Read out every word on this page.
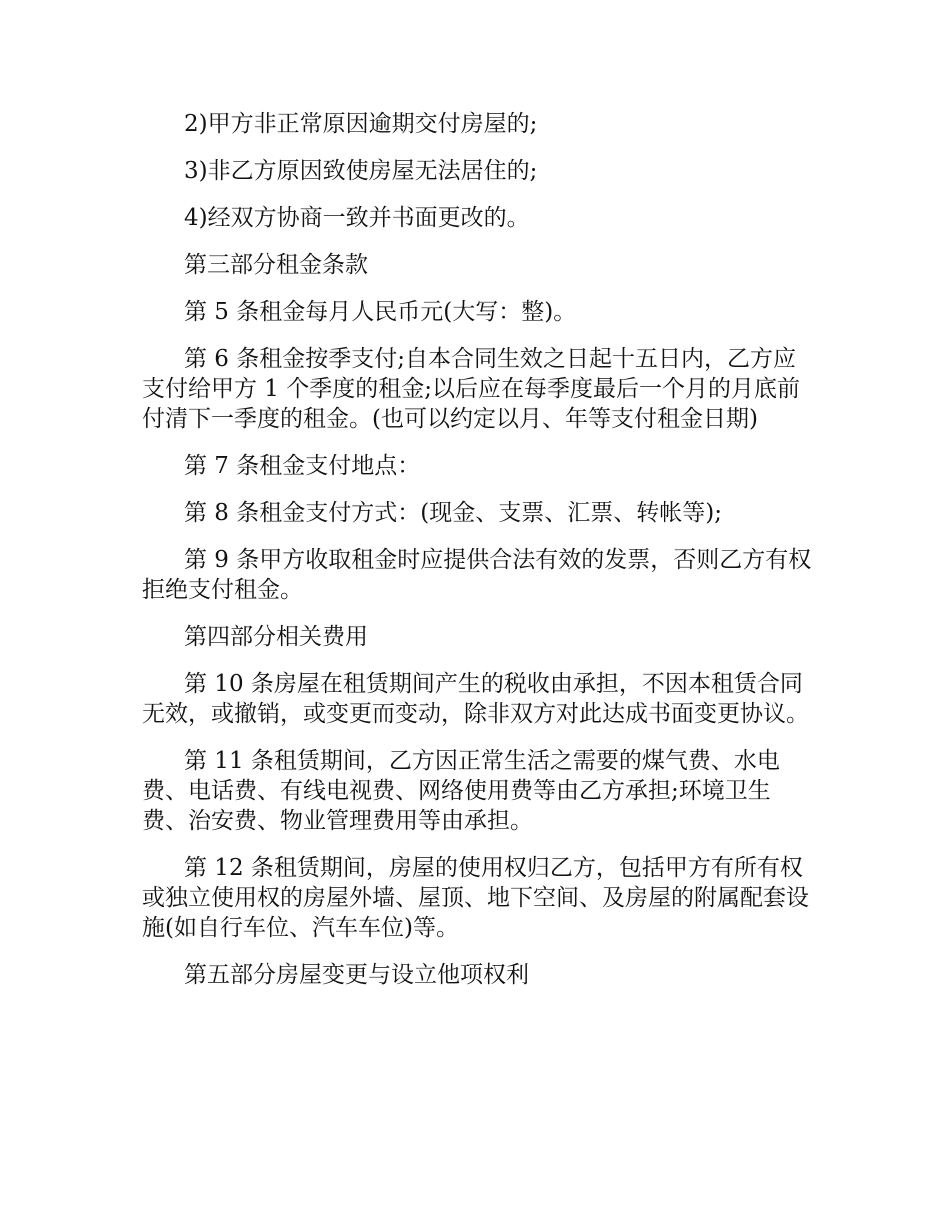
2)甲方非正常原因逾期交付房屋的;

3)非乙方原因致使房屋无法居住的;

4)经双方协商一致并书面更改的。

第三部分租金条款

第 5 条租金每月人民币元(大写：整)。

第 6 条租金按季支付;自本合同生效之日起十五日内，乙方应支付给甲方 1 个季度的租金;以后应在每季度最后一个月的月底前付清下一季度的租金。(也可以约定以月、年等支付租金日期)

第 7 条租金支付地点：

第 8 条租金支付方式：(现金、支票、汇票、转帐等);

第 9 条甲方收取租金时应提供合法有效的发票，否则乙方有权拒绝支付租金。

第四部分相关费用

第 10 条房屋在租赁期间产生的税收由承担，不因本租赁合同无效，或撤销，或变更而变动，除非双方对此达成书面变更协议。

第 11 条租赁期间，乙方因正常生活之需要的煤气费、水电费、电话费、有线电视费、网络使用费等由乙方承担;环境卫生费、治安费、物业管理费用等由承担。

第 12 条租赁期间，房屋的使用权归乙方，包括甲方有所有权或独立使用权的房屋外墙、屋顶、地下空间、及房屋的附属配套设施(如自行车位、汽车车位)等。

第五部分房屋变更与设立他项权利
